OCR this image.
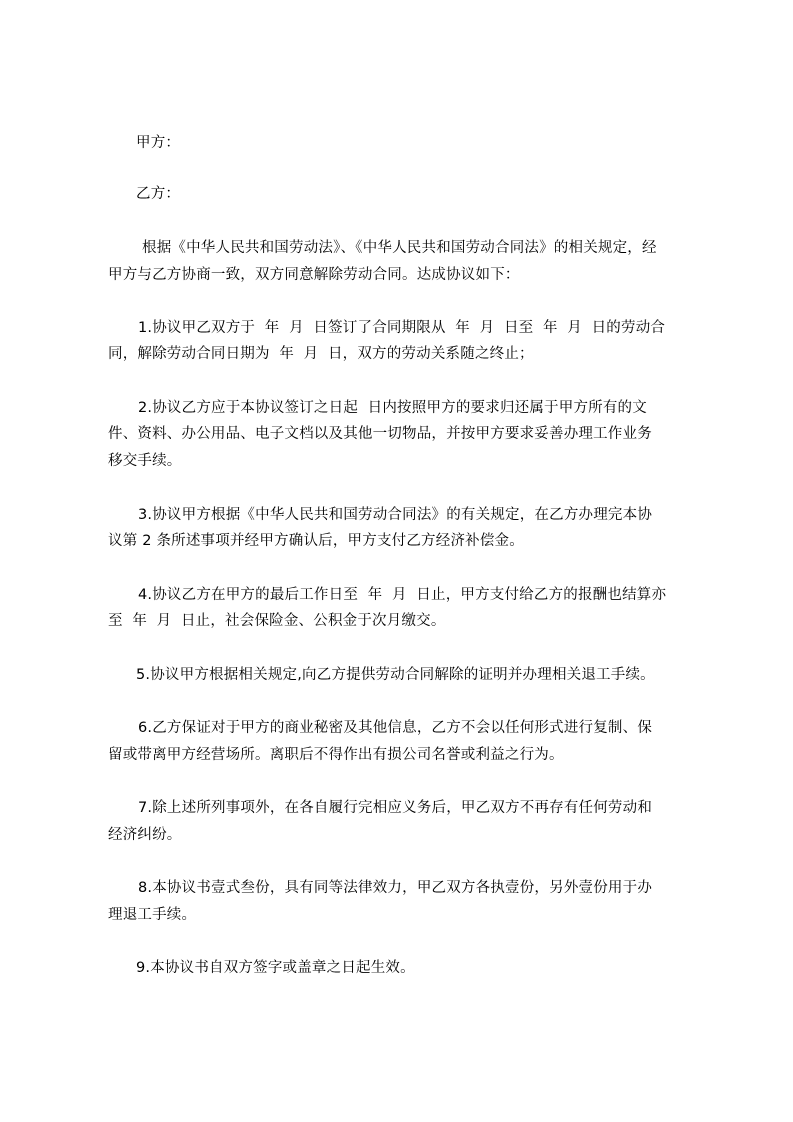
甲方：
乙方：
根据《中华人民共和国劳动法》、《中华人民共和国劳动合同法》的相关规定，经
甲方与乙方协商一致，双方同意解除劳动合同。达成协议如下：
1.协议甲乙双方于  年  月  日签订了合同期限从  年  月  日至  年  月  日的劳动合
同，解除劳动合同日期为  年  月  日，双方的劳动关系随之终止；
2.协议乙方应于本协议签订之日起  日内按照甲方的要求归还属于甲方所有的文
件、资料、办公用品、电子文档以及其他一切物品，并按甲方要求妥善办理工作业务
移交手续。
3.协议甲方根据《中华人民共和国劳动合同法》的有关规定，在乙方办理完本协
议第 2 条所述事项并经甲方确认后，甲方支付乙方经济补偿金。
4.协议乙方在甲方的最后工作日至  年  月  日止，甲方支付给乙方的报酬也结算亦
至  年  月  日止，社会保险金、公积金于次月缴交。
5.协议甲方根据相关规定,向乙方提供劳动合同解除的证明并办理相关退工手续。
6.乙方保证对于甲方的商业秘密及其他信息，乙方不会以任何形式进行复制、保
留或带离甲方经营场所。离职后不得作出有损公司名誉或利益之行为。
7.除上述所列事项外，在各自履行完相应义务后，甲乙双方不再存有任何劳动和
经济纠纷。
8.本协议书壹式叁份，具有同等法律效力，甲乙双方各执壹份，另外壹份用于办
理退工手续。
9.本协议书自双方签字或盖章之日起生效。
